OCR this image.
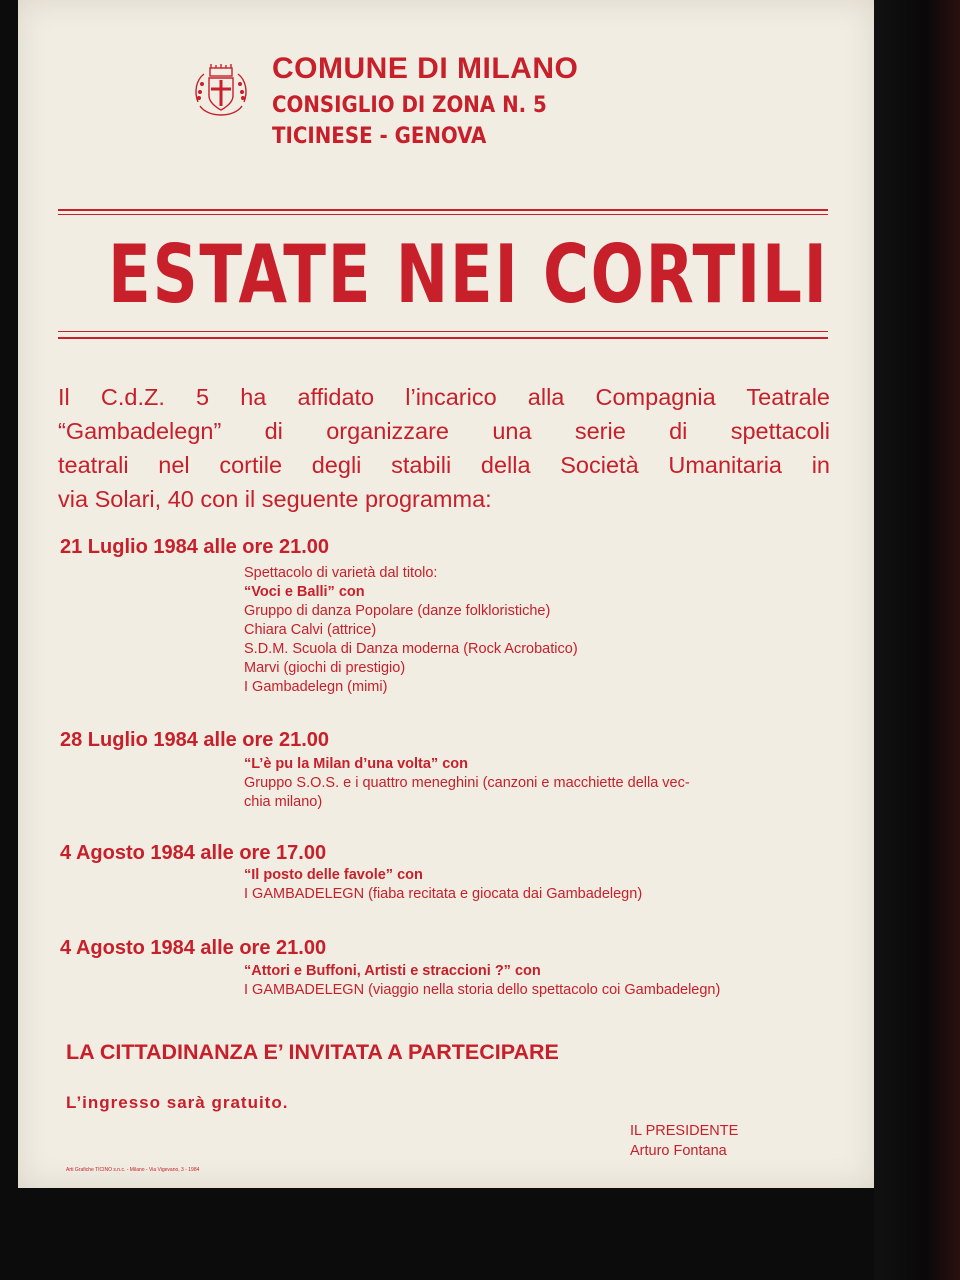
COMUNE DI MILANO
CONSIGLIO DI ZONA N. 5
TICINESE - GENOVA
ESTATE NEI CORTILI
Il C.d.Z. 5 ha affidato l’incarico alla Compagnia Teatrale
“Gambadelegn” di organizzare una serie di spettacoli
teatrali nel cortile degli stabili della Società Umanitaria in
via Solari, 40 con il seguente programma:
21 Luglio 1984 alle ore 21.00
Spettacolo di varietà dal titolo:
“Voci e Balli” con
Gruppo di danza Popolare (danze folkloristiche)
Chiara Calvi (attrice)
S.D.M. Scuola di Danza moderna (Rock Acrobatico)
Marvi (giochi di prestigio)
I Gambadelegn (mimi)
28 Luglio 1984 alle ore 21.00
“L’è pu la Milan d’una volta” con
Gruppo S.O.S. e i quattro meneghini (canzoni e macchiette della vec-
chia milano)
4 Agosto 1984 alle ore 17.00
“Il posto delle favole” con
I GAMBADELEGN (fiaba recitata e giocata dai Gambadelegn)
4 Agosto 1984 alle ore 21.00
“Attori e Buffoni, Artisti e straccioni ?” con
I GAMBADELEGN (viaggio nella storia dello spettacolo coi Gambadelegn)
LA CITTADINANZA E’ INVITATA A PARTECIPARE
L’ingresso sarà gratuito.
IL PRESIDENTE
Arturo Fontana
Arti Grafiche TICINO s.n.c. - Milano - Via Vigevano, 3 - 1984
